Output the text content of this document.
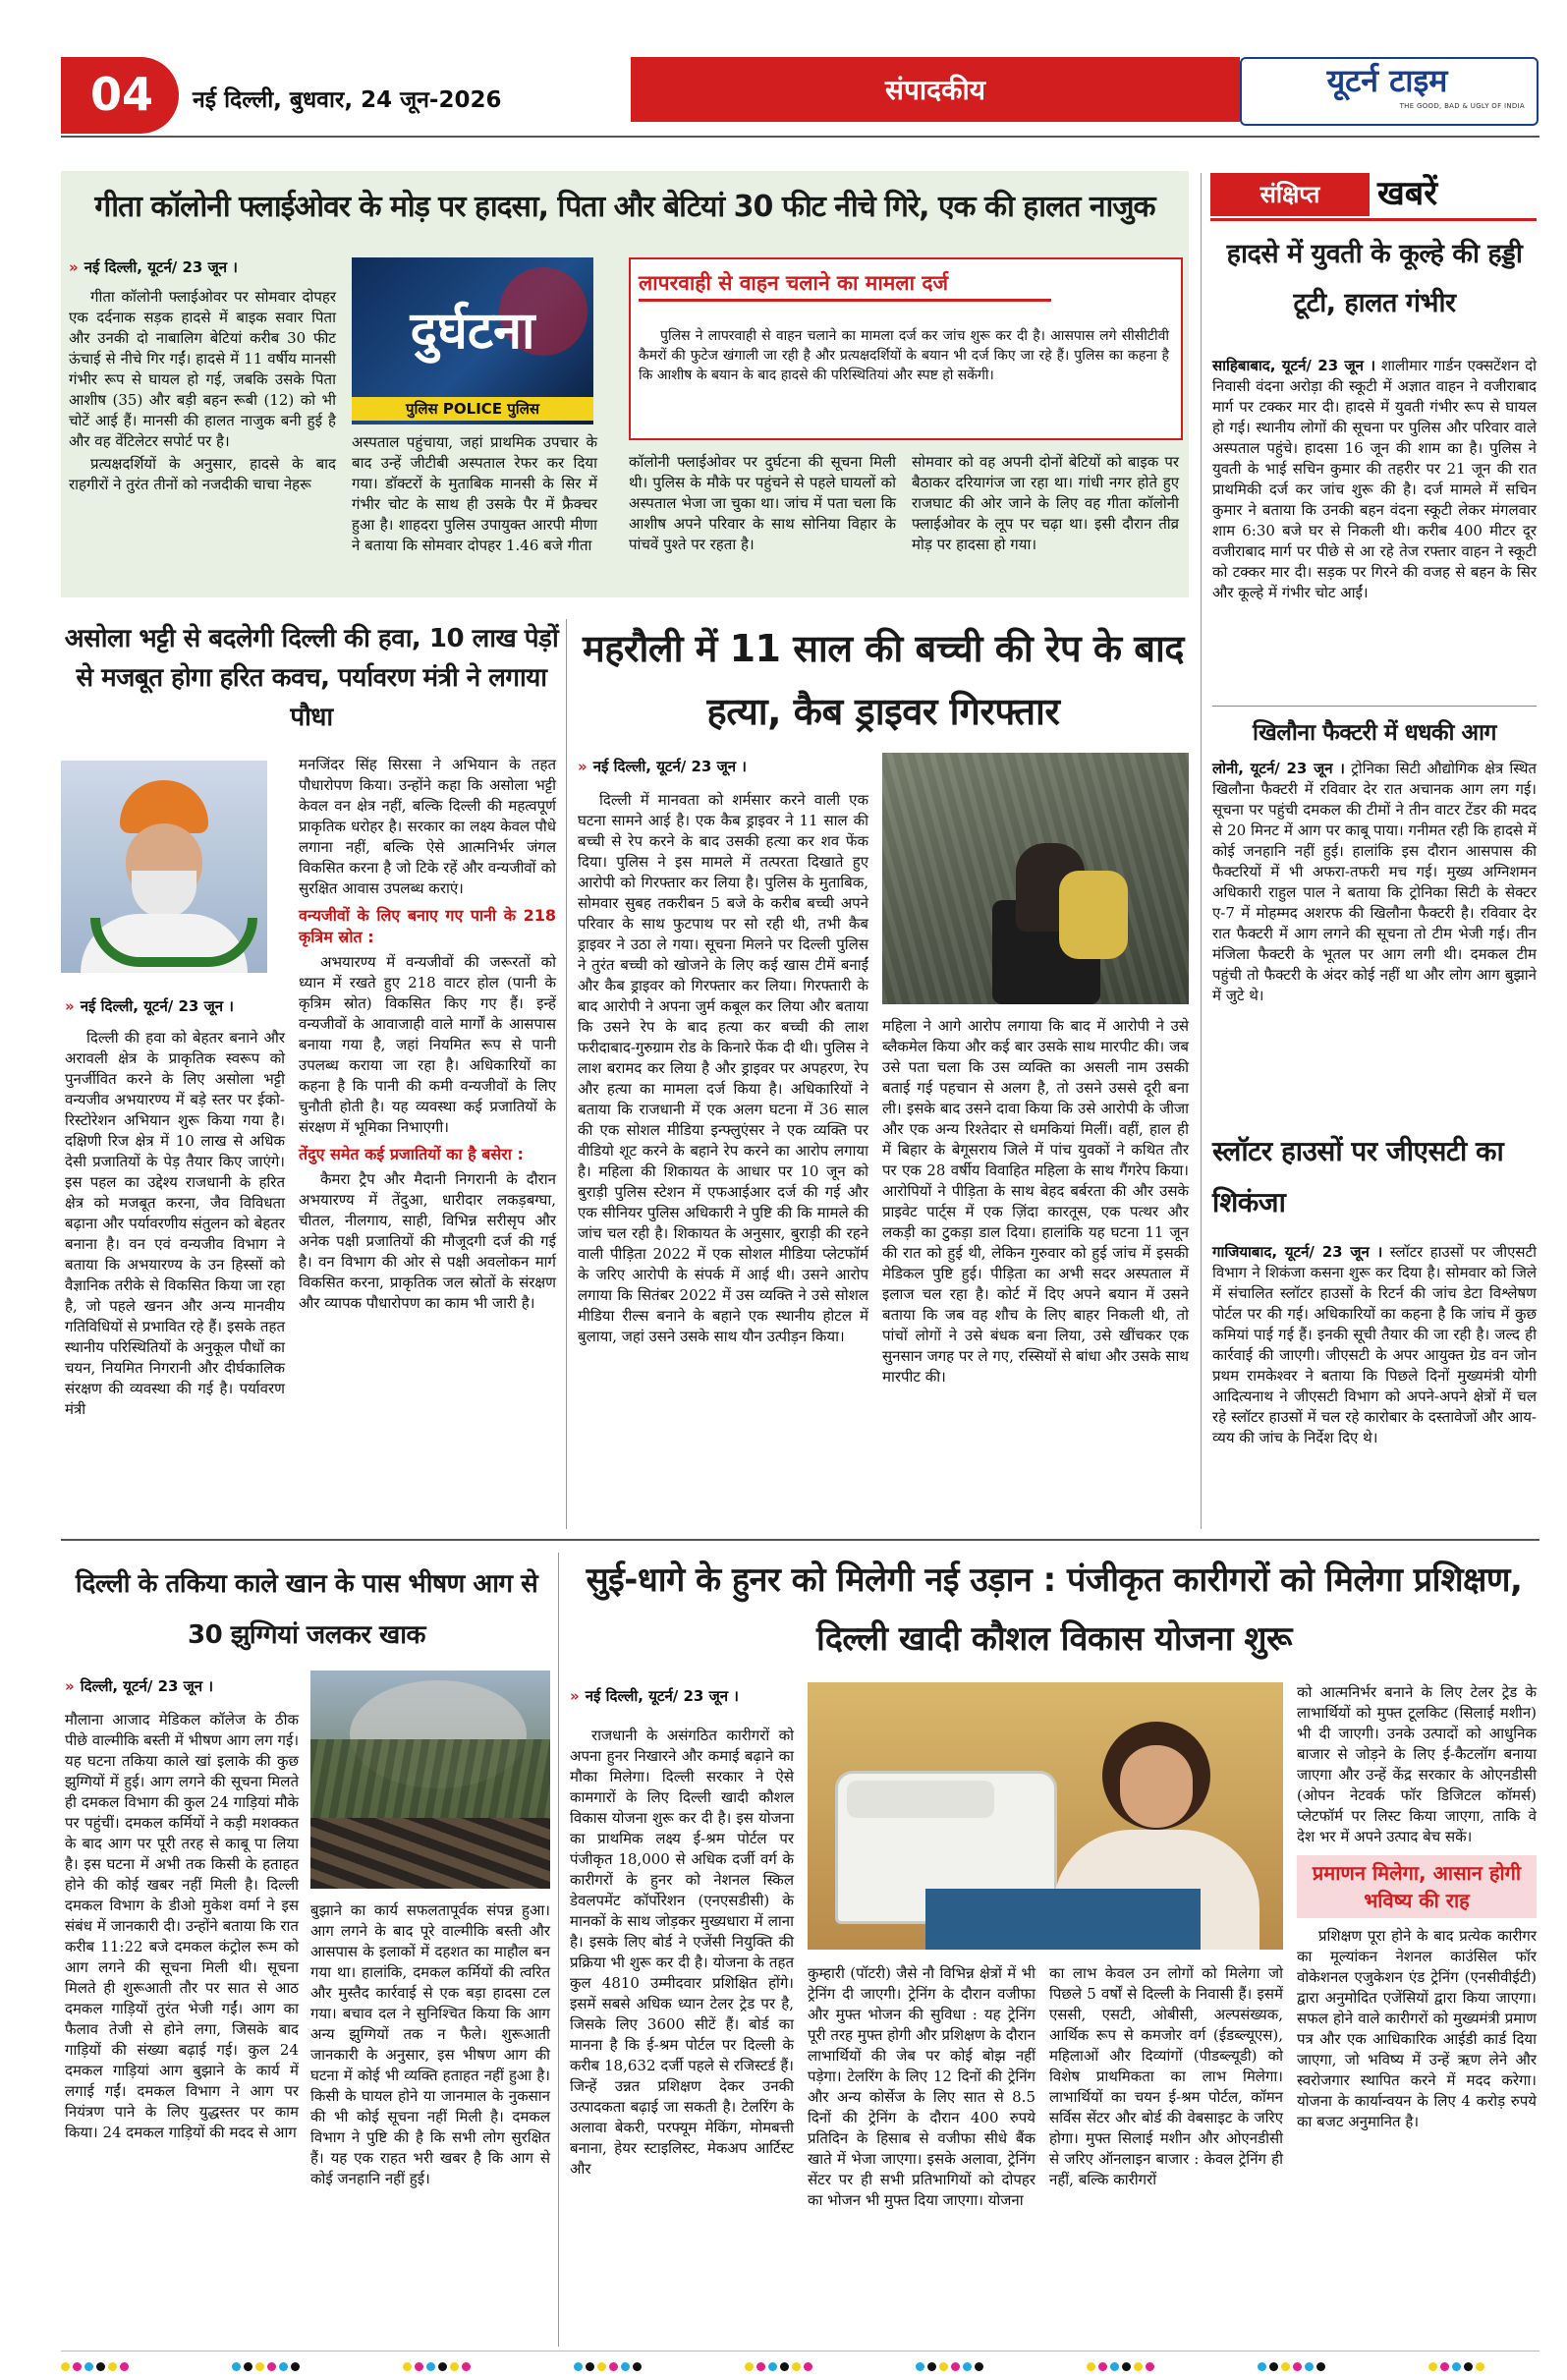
04	नई दिल्ली, बुधवार, 24 जून-2026	संपादकीय	यूटर्न टाइम
THE GOOD, BAD & UGLY OF INDIA
गीता कॉलोनी फ्लाईओवर के मोड़ पर हादसा, पिता और बेटियां 30 फीट नीचे गिरे, एक की हालत नाजुक
» नई दिल्ली, यूटर्न/ 23 जून ।

गीता कॉलोनी फ्लाईओवर पर सोमवार दोपहर एक दर्दनाक सड़क हादसे में बाइक सवार पिता और उनकी दो नाबालिग बेटियां करीब 30 फीट ऊंचाई से नीचे गिर गईं। हादसे में 11 वर्षीय मानसी गंभीर रूप से घायल हो गई, जबकि उसके पिता आशीष (35) और बड़ी बहन रूबी (12) को भी चोटें आई हैं। मानसी की हालत नाजुक बनी हुई है और वह वेंटिलेटर सपोर्ट पर है।

प्रत्यक्षदर्शियों के अनुसार, हादसे के बाद राहगीरों ने तुरंत तीनों को नजदीकी चाचा नेहरू

दुर्घटना
पुलिस POLICE पुलिस

अस्पताल पहुंचाया, जहां प्राथमिक उपचार के बाद उन्हें जीटीबी अस्पताल रेफर कर दिया गया। डॉक्टरों के मुताबिक मानसी के सिर में गंभीर चोट के साथ ही उसके पैर में फ्रैक्चर हुआ है। शाहदरा पुलिस उपायुक्त आरपी मीणा ने बताया कि सोमवार दोपहर 1.46 बजे गीता

लापरवाही से वाहन चलाने का मामला दर्ज

पुलिस ने लापरवाही से वाहन चलाने का मामला दर्ज कर जांच शुरू कर दी है। आसपास लगे सीसीटीवी कैमरों की फुटेज खंगाली जा रही है और प्रत्यक्षदर्शियों के बयान भी दर्ज किए जा रहे हैं। पुलिस का कहना है कि आशीष के बयान के बाद हादसे की परिस्थितियां और स्पष्ट हो सकेंगी।

कॉलोनी फ्लाईओवर पर दुर्घटना की सूचना मिली थी। पुलिस के मौके पर पहुंचने से पहले घायलों को अस्पताल भेजा जा चुका था। जांच में पता चला कि आशीष अपने परिवार के साथ सोनिया विहार के पांचवें पुश्ते पर रहता है।

सोमवार को वह अपनी दोनों बेटियों को बाइक पर बैठाकर दरियागंज जा रहा था। गांधी नगर होते हुए राजघाट की ओर जाने के लिए वह गीता कॉलोनी फ्लाईओवर के लूप पर चढ़ा था। इसी दौरान तीव्र मोड़ पर हादसा हो गया।

संक्षिप्त	खबरें
हादसे में युवती के कूल्हे की हड्डी टूटी, हालत गंभीर

साहिबाबाद, यूटर्न/ 23 जून । शालीमार गार्डन एक्सटेंशन दो निवासी वंदना अरोड़ा की स्कूटी में अज्ञात वाहन ने वजीराबाद मार्ग पर टक्कर मार दी। हादसे में युवती गंभीर रूप से घायल हो गई। स्थानीय लोगों की सूचना पर पुलिस और परिवार वाले अस्पताल पहुंचे। हादसा 16 जून की शाम का है। पुलिस ने युवती के भाई सचिन कुमार की तहरीर पर 21 जून की रात प्राथमिकी दर्ज कर जांच शुरू की है। दर्ज मामले में सचिन कुमार ने बताया कि उनकी बहन वंदना स्कूटी लेकर मंगलवार शाम 6:30 बजे घर से निकली थी। करीब 400 मीटर दूर वजीराबाद मार्ग पर पीछे से आ रहे तेज रफ्तार वाहन ने स्कूटी को टक्कर मार दी। सड़क पर गिरने की वजह से बहन के सिर और कूल्हे में गंभीर चोट आईं।

खिलौना फैक्टरी में धधकी आग

लोनी, यूटर्न/ 23 जून । ट्रोनिका सिटी औद्योगिक क्षेत्र स्थित खिलौना फैक्टरी में रविवार देर रात अचानक आग लग गई। सूचना पर पहुंची दमकल की टीमों ने तीन वाटर टेंडर की मदद से 20 मिनट में आग पर काबू पाया। गनीमत रही कि हादसे में कोई जनहानि नहीं हुई। हालांकि इस दौरान आसपास की फैक्टरियों में भी अफरा-तफरी मच गई। मुख्य अग्निशमन अधिकारी राहुल पाल ने बताया कि ट्रोनिका सिटी के सेक्टर ए-7 में मोहम्मद अशरफ की खिलौना फैक्टरी है। रविवार देर रात फैक्टरी में आग लगने की सूचना तो टीम भेजी गई। तीन मंजिला फैक्टरी के भूतल पर आग लगी थी। दमकल टीम पहुंची तो फैक्टरी के अंदर कोई नहीं था और लोग आग बुझाने में जुटे थे।

स्लॉटर हाउसों पर जीएसटी का शिकंजा

गाजियाबाद, यूटर्न/ 23 जून । स्लॉटर हाउसों पर जीएसटी विभाग ने शिकंजा कसना शुरू कर दिया है। सोमवार को जिले में संचालित स्लॉटर हाउसों के रिटर्न की जांच डेटा विश्लेषण पोर्टल पर की गई। अधिकारियों का कहना है कि जांच में कुछ कमियां पाई गई हैं। इनकी सूची तैयार की जा रही है। जल्द ही कार्रवाई की जाएगी। जीएसटी के अपर आयुक्त ग्रेड वन जोन प्रथम रामकेश्वर ने बताया कि पिछले दिनों मुख्यमंत्री योगी आदित्यनाथ ने जीएसटी विभाग को अपने-अपने क्षेत्रों में चल रहे स्लॉटर हाउसों में चल रहे कारोबार के दस्तावेजों और आय-व्यय की जांच के निर्देश दिए थे।

असोला भट्टी से बदलेगी दिल्ली की हवा, 10 लाख पेड़ों से मजबूत होगा हरित कवच, पर्यावरण मंत्री ने लगाया पौधा
» नई दिल्ली, यूटर्न/ 23 जून ।

दिल्ली की हवा को बेहतर बनाने और अरावली क्षेत्र के प्राकृतिक स्वरूप को पुनर्जीवित करने के लिए असोला भट्टी वन्यजीव अभयारण्य में बड़े स्तर पर ईको-रिस्टोरेशन अभियान शुरू किया गया है। दक्षिणी रिज क्षेत्र में 10 लाख से अधिक देसी प्रजातियों के पेड़ तैयार किए जाएंगे। इस पहल का उद्देश्य राजधानी के हरित क्षेत्र को मजबूत करना, जैव विविधता बढ़ाना और पर्यावरणीय संतुलन को बेहतर बनाना है। वन एवं वन्यजीव विभाग ने बताया कि अभयारण्य के उन हिस्सों को वैज्ञानिक तरीके से विकसित किया जा रहा है, जो पहले खनन और अन्य मानवीय गतिविधियों से प्रभावित रहे हैं। इसके तहत स्थानीय परिस्थितियों के अनुकूल पौधों का चयन, नियमित निगरानी और दीर्घकालिक संरक्षण की व्यवस्था की गई है। पर्यावरण मंत्री

मनजिंदर सिंह सिरसा ने अभियान के तहत पौधारोपण किया। उन्होंने कहा कि असोला भट्टी केवल वन क्षेत्र नहीं, बल्कि दिल्ली की महत्वपूर्ण प्राकृतिक धरोहर है। सरकार का लक्ष्य केवल पौधे लगाना नहीं, बल्कि ऐसे आत्मनिर्भर जंगल विकसित करना है जो टिके रहें और वन्यजीवों को सुरक्षित आवास उपलब्ध कराएं।

वन्यजीवों के लिए बनाए गए पानी के 218 कृत्रिम स्रोत :

अभयारण्य में वन्यजीवों की जरूरतों को ध्यान में रखते हुए 218 वाटर होल (पानी के कृत्रिम स्रोत) विकसित किए गए हैं। इन्हें वन्यजीवों के आवाजाही वाले मार्गों के आसपास बनाया गया है, जहां नियमित रूप से पानी उपलब्ध कराया जा रहा है। अधिकारियों का कहना है कि पानी की कमी वन्यजीवों के लिए चुनौती होती है। यह व्यवस्था कई प्रजातियों के संरक्षण में भूमिका निभाएगी।

तेंदुए समेत कई प्रजातियों का है बसेरा :

कैमरा ट्रैप और मैदानी निगरानी के दौरान अभयारण्य में तेंदुआ, धारीदार लकड़बग्घा, चीतल, नीलगाय, साही, विभिन्न सरीसृप और अनेक पक्षी प्रजातियों की मौजूदगी दर्ज की गई है। वन विभाग की ओर से पक्षी अवलोकन मार्ग विकसित करना, प्राकृतिक जल स्रोतों के संरक्षण और व्यापक पौधारोपण का काम भी जारी है।

महरौली में 11 साल की बच्ची की रेप के बाद हत्या, कैब ड्राइवर गिरफ्तार
» नई दिल्ली, यूटर्न/ 23 जून ।

दिल्ली में मानवता को शर्मसार करने वाली एक घटना सामने आई है। एक कैब ड्राइवर ने 11 साल की बच्ची से रेप करने के बाद उसकी हत्या कर शव फेंक दिया। पुलिस ने इस मामले में तत्परता दिखाते हुए आरोपी को गिरफ्तार कर लिया है। पुलिस के मुताबिक, सोमवार सुबह तकरीबन 5 बजे के करीब बच्ची अपने परिवार के साथ फुटपाथ पर सो रही थी, तभी कैब ड्राइवर ने उठा ले गया। सूचना मिलने पर दिल्ली पुलिस ने तुरंत बच्ची को खोजने के लिए कई खास टीमें बनाईं और कैब ड्राइवर को गिरफ्तार कर लिया। गिरफ्तारी के बाद आरोपी ने अपना जुर्म कबूल कर लिया और बताया कि उसने रेप के बाद हत्या कर बच्ची की लाश फरीदाबाद-गुरुग्राम रोड के किनारे फेंक दी थी। पुलिस ने लाश बरामद कर लिया है और ड्राइवर पर अपहरण, रेप और हत्या का मामला दर्ज किया है। अधिकारियों ने बताया कि राजधानी में एक अलग घटना में 36 साल की एक सोशल मीडिया इन्फ्लुएंसर ने एक व्यक्ति पर वीडियो शूट करने के बहाने रेप करने का आरोप लगाया है। महिला की शिकायत के आधार पर 10 जून को बुराड़ी पुलिस स्टेशन में एफआईआर दर्ज की गई और एक सीनियर पुलिस अधिकारी ने पुष्टि की कि मामले की जांच चल रही है। शिकायत के अनुसार, बुराड़ी की रहने वाली पीड़िता 2022 में एक सोशल मीडिया प्लेटफॉर्म के जरिए आरोपी के संपर्क में आई थी। उसने आरोप लगाया कि सितंबर 2022 में उस व्यक्ति ने उसे सोशल मीडिया रील्स बनाने के बहाने एक स्थानीय होटल में बुलाया, जहां उसने उसके साथ यौन उत्पीड़न किया।

महिला ने आगे आरोप लगाया कि बाद में आरोपी ने उसे ब्लैकमेल किया और कई बार उसके साथ मारपीट की। जब उसे पता चला कि उस व्यक्ति का असली नाम उसकी बताई गई पहचान से अलग है, तो उसने उससे दूरी बना ली। इसके बाद उसने दावा किया कि उसे आरोपी के जीजा और एक अन्य रिश्तेदार से धमकियां मिलीं। वहीं, हाल ही में बिहार के बेगूसराय जिले में पांच युवकों ने कथित तौर पर एक 28 वर्षीय विवाहित महिला के साथ गैंगरेप किया। आरोपियों ने पीड़िता के साथ बेहद बर्बरता की और उसके प्राइवेट पार्ट्स में एक ज़िंदा कारतूस, एक पत्थर और लकड़ी का टुकड़ा डाल दिया। हालांकि यह घटना 11 जून की रात को हुई थी, लेकिन गुरुवार को हुई जांच में इसकी मेडिकल पुष्टि हुई। पीड़िता का अभी सदर अस्पताल में इलाज चल रहा है। कोर्ट में दिए अपने बयान में उसने बताया कि जब वह शौच के लिए बाहर निकली थी, तो पांचों लोगों ने उसे बंधक बना लिया, उसे खींचकर एक सुनसान जगह पर ले गए, रस्सियों से बांधा और उसके साथ मारपीट की।

दिल्ली के तकिया काले खान के पास भीषण आग से 30 झुग्गियां जलकर खाक
» दिल्ली, यूटर्न/ 23 जून ।

मौलाना आजाद मेडिकल कॉलेज के ठीक पीछे वाल्मीकि बस्ती में भीषण आग लग गई। यह घटना तकिया काले खां इलाके की कुछ झुग्गियों में हुई। आग लगने की सूचना मिलते ही दमकल विभाग की कुल 24 गाड़ियां मौके पर पहुंचीं। दमकल कर्मियों ने कड़ी मशक्कत के बाद आग पर पूरी तरह से काबू पा लिया है। इस घटना में अभी तक किसी के हताहत होने की कोई खबर नहीं मिली है। दिल्ली दमकल विभाग के डीओ मुकेश वर्मा ने इस संबंध में जानकारी दी। उन्होंने बताया कि रात करीब 11:22 बजे दमकल कंट्रोल रूम को आग लगने की सूचना मिली थी। सूचना मिलते ही शुरूआती तौर पर सात से आठ दमकल गाड़ियों तुरंत भेजी गईं। आग का फैलाव तेजी से होने लगा, जिसके बाद गाड़ियों की संख्या बढ़ाई गई। कुल 24 दमकल गाड़ियां आग बुझाने के कार्य में लगाई गईं। दमकल विभाग ने आग पर नियंत्रण पाने के लिए युद्धस्तर पर काम किया। 24 दमकल गाड़ियों की मदद से आग

बुझाने का कार्य सफलतापूर्वक संपन्न हुआ। आग लगने के बाद पूरे वाल्मीकि बस्ती और आसपास के इलाकों में दहशत का माहौल बन गया था। हालांकि, दमकल कर्मियों की त्वरित और मुस्तैद कार्रवाई से एक बड़ा हादसा टल गया। बचाव दल ने सुनिश्चित किया कि आग अन्य झुग्गियों तक न फैले। शुरूआती जानकारी के अनुसार, इस भीषण आग की घटना में कोई भी व्यक्ति हताहत नहीं हुआ है। किसी के घायल होने या जानमाल के नुकसान की भी कोई सूचना नहीं मिली है। दमकल विभाग ने पुष्टि की है कि सभी लोग सुरक्षित हैं। यह एक राहत भरी खबर है कि आग से कोई जनहानि नहीं हुई।

सुई-धागे के हुनर को मिलेगी नई उड़ान : पंजीकृत कारीगरों को मिलेगा प्रशिक्षण, दिल्ली खादी कौशल विकास योजना शुरू
» नई दिल्ली, यूटर्न/ 23 जून ।

राजधानी के असंगठित कारीगरों को अपना हुनर निखारने और कमाई बढ़ाने का मौका मिलेगा। दिल्ली सरकार ने ऐसे कामगारों के लिए दिल्ली खादी कौशल विकास योजना शुरू कर दी है। इस योजना का प्राथमिक लक्ष्य ई-श्रम पोर्टल पर पंजीकृत 18,000 से अधिक दर्जी वर्ग के कारीगरों के हुनर को नेशनल स्किल डेवलपमेंट कॉर्पोरेशन (एनएसडीसी) के मानकों के साथ जोड़कर मुख्यधारा में लाना है। इसके लिए बोर्ड ने एजेंसी नियुक्ति की प्रक्रिया भी शुरू कर दी है। योजना के तहत कुल 4810 उम्मीदवार प्रशिक्षित होंगे। इसमें सबसे अधिक ध्यान टेलर ट्रेड पर है, जिसके लिए 3600 सीटें हैं। बोर्ड का मानना है कि ई-श्रम पोर्टल पर दिल्ली के करीब 18,632 दर्जी पहले से रजिस्टर्ड हैं। जिन्हें उन्नत प्रशिक्षण देकर उनकी उत्पादकता बढ़ाई जा सकती है। टेलरिंग के अलावा बेकरी, परफ्यूम मेकिंग, मोमबत्ती बनाना, हेयर स्टाइलिस्ट, मेकअप आर्टिस्ट और

कुम्हारी (पॉटरी) जैसे नौ विभिन्न क्षेत्रों में भी ट्रेनिंग दी जाएगी। ट्रेनिंग के दौरान वजीफा और मुफ्त भोजन की सुविधा : यह ट्रेनिंग पूरी तरह मुफ्त होगी और प्रशिक्षण के दौरान लाभार्थियों की जेब पर कोई बोझ नहीं पड़ेगा। टेलरिंग के लिए 12 दिनों की ट्रेनिंग और अन्य कोर्सेज के लिए सात से 8.5 दिनों की ट्रेनिंग के दौरान 400 रुपये प्रतिदिन के हिसाब से वजीफा सीधे बैंक खाते में भेजा जाएगा। इसके अलावा, ट्रेनिंग सेंटर पर ही सभी प्रतिभागियों को दोपहर का भोजन भी मुफ्त दिया जाएगा। योजना

का लाभ केवल उन लोगों को मिलेगा जो पिछले 5 वर्षों से दिल्ली के निवासी हैं। इसमें एससी, एसटी, ओबीसी, अल्पसंख्यक, आर्थिक रूप से कमजोर वर्ग (ईडब्ल्यूएस), महिलाओं और दिव्यांगों (पीडब्ल्यूडी) को विशेष प्राथमिकता का लाभ मिलेगा। लाभार्थियों का चयन ई-श्रम पोर्टल, कॉमन सर्विस सेंटर और बोर्ड की वेबसाइट के जरिए होगा। मुफ्त सिलाई मशीन और ओएनडीसी से जरिए ऑनलाइन बाजार : केवल ट्रेनिंग ही नहीं, बल्कि कारीगरों

को आत्मनिर्भर बनाने के लिए टेलर ट्रेड के लाभार्थियों को मुफ्त टूलकिट (सिलाई मशीन) भी दी जाएगी। उनके उत्पादों को आधुनिक बाजार से जोड़ने के लिए ई-कैटलॉग बनाया जाएगा और उन्हें केंद्र सरकार के ओएनडीसी (ओपन नेटवर्क फॉर डिजिटल कॉमर्स) प्लेटफॉर्म पर लिस्ट किया जाएगा, ताकि वे देश भर में अपने उत्पाद बेच सकें।

प्रमाणन मिलेगा, आसान होगी भविष्य की राह

प्रशिक्षण पूरा होने के बाद प्रत्येक कारीगर का मूल्यांकन नेशनल काउंसिल फॉर वोकेशनल एजुकेशन एंड ट्रेनिंग (एनसीवीईटी) द्वारा अनुमोदित एजेंसियों द्वारा किया जाएगा। सफल होने वाले कारीगरों को मुख्यमंत्री प्रमाण पत्र और एक आधिकारिक आईडी कार्ड दिया जाएगा, जो भविष्य में उन्हें ऋण लेने और स्वरोजगार स्थापित करने में मदद करेगा। योजना के कार्यान्वयन के लिए 4 करोड़ रुपये का बजट अनुमानित है।
